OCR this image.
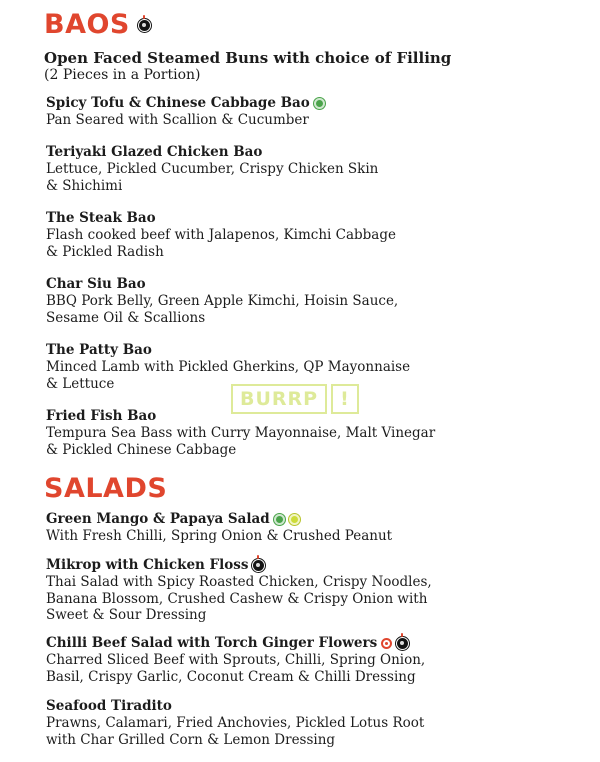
BAOS
Open Faced Steamed Buns with choice of Filling
(2 Pieces in a Portion)
Spicy Tofu & Chinese Cabbage Bao
Pan Seared with Scallion & Cucumber
Teriyaki Glazed Chicken Bao
Lettuce, Pickled Cucumber, Crispy Chicken Skin
& Shichimi
The Steak Bao
Flash cooked beef with Jalapenos, Kimchi Cabbage
& Pickled Radish
Char Siu Bao
BBQ Pork Belly, Green Apple Kimchi, Hoisin Sauce,
Sesame Oil & Scallions
The Patty Bao
Minced Lamb with Pickled Gherkins, QP Mayonnaise
& Lettuce
Fried Fish Bao
Tempura Sea Bass with Curry Mayonnaise, Malt Vinegar
& Pickled Chinese Cabbage
BURRP	!
SALADS
Green Mango & Papaya Salad
With Fresh Chilli, Spring Onion & Crushed Peanut
Mikrop with Chicken Floss
Thai Salad with Spicy Roasted Chicken, Crispy Noodles,
Banana Blossom, Crushed Cashew & Crispy Onion with
Sweet & Sour Dressing
Chilli Beef Salad with Torch Ginger Flowers
Charred Sliced Beef with Sprouts, Chilli, Spring Onion,
Basil, Crispy Garlic, Coconut Cream & Chilli Dressing
Seafood Tiradito
Prawns, Calamari, Fried Anchovies, Pickled Lotus Root
with Char Grilled Corn & Lemon Dressing
